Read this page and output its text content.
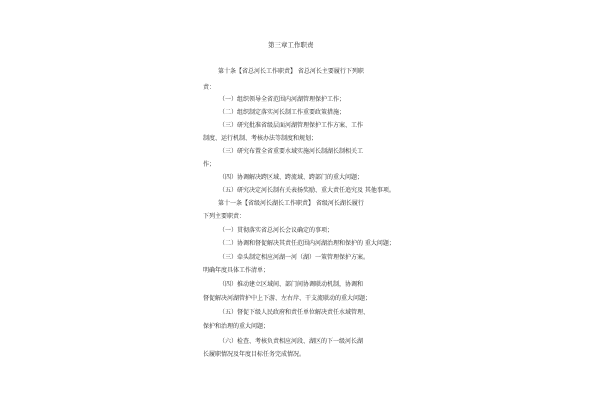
第三章工作职责
第十条【省总河长工作职责】 省总河长主要履行下列职
责：
（一）组织领导全省范围内河湖管理保护工作；
（二）组织制定落实河长制工作重要政策措施；
（三）研究批准省级层面河湖管理保护工作方案、工作
制度、运行机制、考核办法等制度和规划；
（三）研究布置全省重要水域实施河长制湖长制相关工
作；
（四）协调解决跨区域、跨流域、跨部门的重大问题；
（五）研究决定河长制有关表扬奖励、重大责任追究及 其他事项。
第十一条【省级河长湖长工作职责】 省级河长湖长履行
下列主要职责：
（一）贯彻落实省总河长会议确定的事项；
（二）协调和督促解决其责任范围内河湖治理和保护的 重大问题；
（三）牵头制定相应河湖一河（湖）一策管理保护方案。
明确年度具体工作清单；
（四）推动建立区域间、部门间协调联动机制，协调和
督促解决河湖管护中上下游、左右岸、干支流联动的重大问题；
（五）督促下级人民政府和责任单位解决责任水域管理、
保护和治理的重大问题；
（六）检查、考核负责相应河段、湖区的下一级河长湖
长履职情况及年度目标任务完成情况。
